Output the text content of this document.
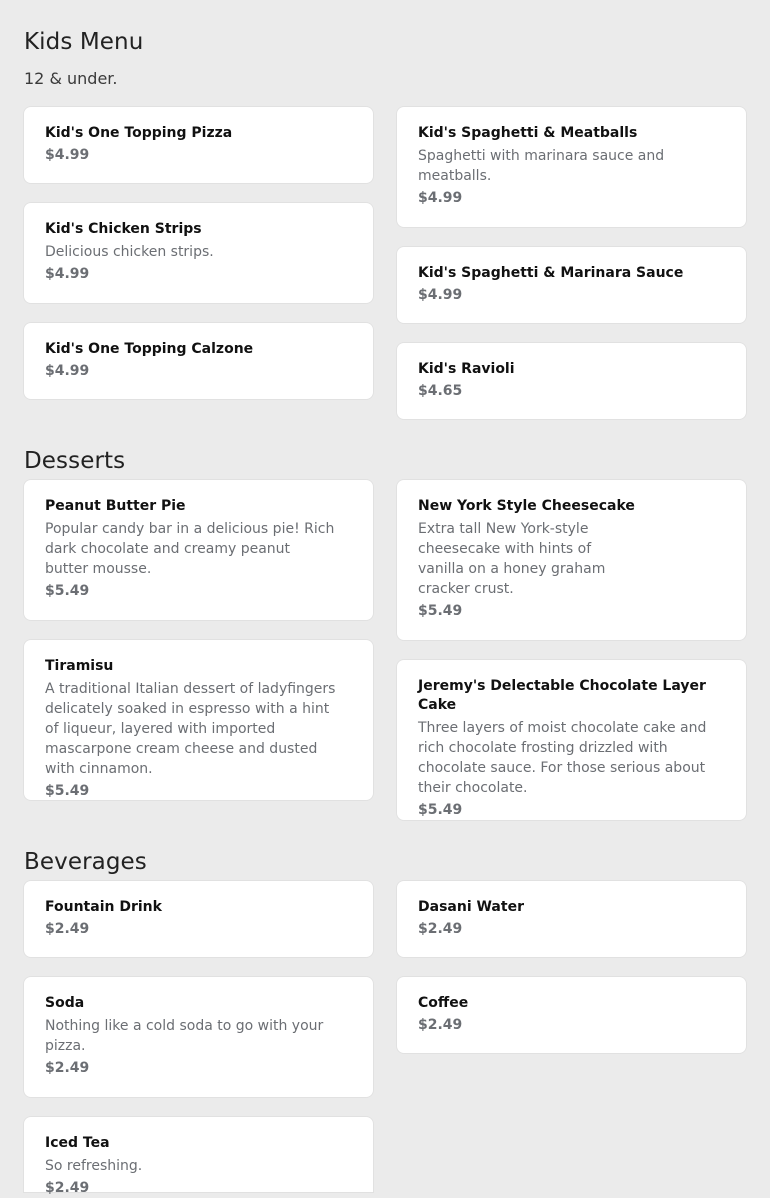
Kids Menu

12 & under.

Kid's One Topping Pizza

$4.99

Kid's Spaghetti & Meatballs

Spaghetti with marinara sauce and meatballs.

$4.99

Kid's Chicken Strips

Delicious chicken strips.

$4.99	Kid's Spaghetti & Marinara Sauce

$4.99

Kid's One Topping Calzone

$4.99	Kid's Ravioli

$4.65

Desserts

Peanut Butter Pie

Popular candy bar in a delicious pie! Rich dark chocolate and creamy peanut butter mousse.

$5.49

New York Style Cheesecake

Extra tall New York-style cheesecake with hints of vanilla on a honey graham cracker crust.

$5.49

Tiramisu

A traditional Italian dessert of ladyfingers delicately soaked in espresso with a hint of liqueur, layered with imported mascarpone cream cheese and dusted with cinnamon.

$5.49

Jeremy's Delectable Chocolate Layer Cake

Three layers of moist chocolate cake and rich chocolate frosting drizzled with chocolate sauce. For those serious about their chocolate.

$5.49

Beverages

Fountain Drink

$2.49

Dasani Water

$2.49

Soda

Nothing like a cold soda to go with your pizza.

$2.49

Coffee

$2.49

Iced Tea

So refreshing.

$2.49
